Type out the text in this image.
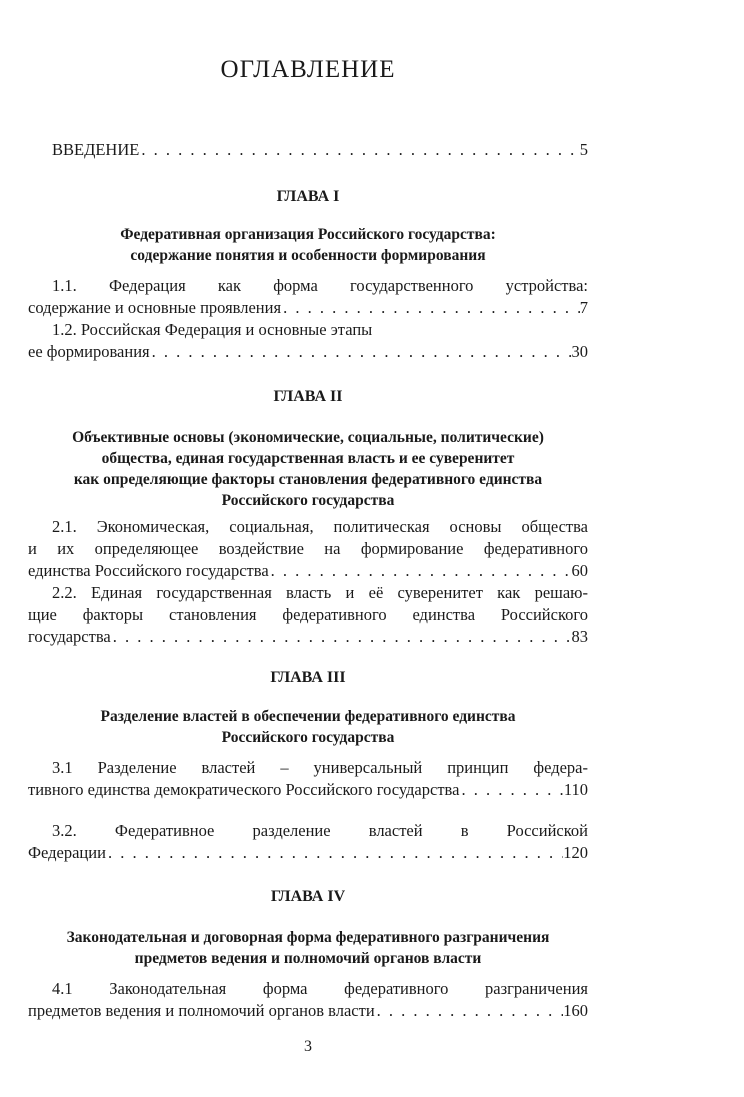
ОГЛАВЛЕНИЕ
ВВЕДЕНИЕ . . .	5
ГЛАВА I
Федеративная организация Российского государства:
содержание понятия и особенности формирования
1.1. Федерация как форма государственного устройства:
содержание и основные проявления . . .	7
1.2. Российская Федерация и основные этапы
ее формирования . . .	30
ГЛАВА II
Объективные основы (экономические, социальные, политические)
общества, единая государственная власть и ее суверенитет
как определяющие факторы становления федеративного единства
Российского государства
2.1. Экономическая, социальная, политическая основы общества
и их определяющее воздействие на формирование федеративного
единства Российского государства . . .	60
2.2. Единая государственная власть и её суверенитет как решаю-
щие факторы становления федеративного единства Российского
государства . . .	83
ГЛАВА III
Разделение властей в обеспечении федеративного единства
Российского государства
3.1 Разделение властей – универсальный принцип федера-
тивного единства демократического Российского государства . . .	110
3.2. Федеративное разделение властей в Российской
Федерации . . .	120
ГЛАВА IV
Законодательная и договорная форма федеративного разграничения
предметов ведения и полномочий органов власти
4.1 Законодательная форма федеративного разграничения
предметов ведения и полномочий органов власти . . .	160
3
